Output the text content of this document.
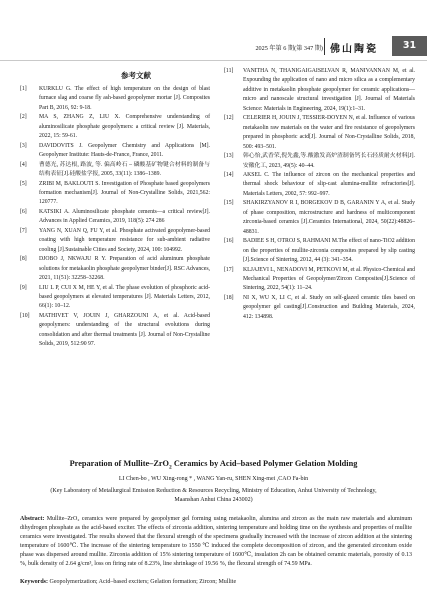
2025 年第 6 期(第 347 期) 佛山陶瓷	31
参考文献
[1] KURKLU G. The effect of high temperature on the design of blast furnace slag and coarse fly ash-based geopolymer mortar [J]. Composites Part B, 2016, 92: 9-18.
[2] MA S, ZHANG Z, LIU X. Comprehensive understanding of aluminosilicate phosphate geopolymers: a critical review [J]. Materials, 2022, 15: 59-61.
[3] DAVIDOVITS J. Geopolymer Chemistry and Applications [M]. Geopolymer Institute: Hauts-de-France, France, 2011.
[4] 曹德光, 苏达根, 路波, 等. 偏高岭石 – 磷酸基矿物键合材料的制备与结构表征[J].硅酸盐学报, 2005, 33(11): 1386–1389.
[5] ZRIBI M, BAKLOUTI S. Investigation of Phosphate based geopolymers formation mechanism[J]. Journal of Non-Crystalline Solids, 2021,562: 120777.
[6] KATSIKI A. Aluminosilicate phosphate cements—a critical review[J]. Advances in Applied Ceramics, 2019, 118(5): 274 286
[7] YANG N, XUAN Q, FU Y, et al. Phosphate activated geopolymer-based coating with high temperature resistance for sub-ambient radiative cooling [J].Sustainable Cities and Society, 2024, 100: 104992.
[8] DJOBO J, NKWAJU R Y. Preparation of acid aluminum phosphate solutions for metakaolin phosphate geopolymer binder[J]. RSC Advances, 2021, 11(51): 32258–32268.
[9] LIU L P, CUI X M, HE Y, et al. The phase evolution of phosphoric acid-based geopolymers at elevated temperatures [J]. Materials Letters, 2012, 66(1): 10–12.
[10] MATHIVET V, JOUIN J, GHARZOUNI A, et al. Acid-based geopolymers: understanding of the structural evolutions during consolidation and after thermal treatments [J]. Journal of Non-Crystalline Solids, 2019, 512:90 97.
[11] VANITHA N, THANIGAIGAISELVAN R, MANIVANNAN M, et al. Expounding the application of nano and micro silica as a complementary additive in metakaolin phosphate geopolymer for ceramic applications—micro and nanoscale structural investigation [J]. Journal of Materials Science: Materials in Engineering, 2024, 19(1):1–31.
[12] CELERIER H, JOUIN J, TESSIER-DOYEN N, et al. Influence of various metakaolin raw materials on the water and fire resistance of geopolymers prepared in phosphoric acid[J]. Journal of Non-Crystalline Solids, 2018, 500: 493–501.
[13] 韩心怡,武香荣,倪先鑫,等.酸激发高炉渣制备钙长石轻质耐火材料[J].安徽化工, 2023, 49(5): 40–44.
[14] AKSEL C. The influence of zircon on the mechanical properties and thermal shock behaviour of slip-cast alumina-mullite refractories[J]. Materials Letters, 2002, 57: 992–997.
[15] SHAKIRZYANOV R I, BORGEKOV D B, GARANIN Y A, et al. Study of phase composition, microstructure and hardness of multicomponent zirconia-based ceramics [J].Ceramics International, 2024, 50(22):48826–48831.
[16] BADIEE S H, OTROJ S, RAHMANI M.The effect of nano-TiO2 addition on the properties of mullite-zirconia composites prepared by slip casting [J].Science of Sintering, 2012, 44 (3): 341–354.
[17] KLJAJEVI L, NENADOVI M, PETKOVI M, et al. Physico-Chemical and Mechanical Properties of Geopolymer/Zircon Composites[J].Science of Sintering, 2022, 54(1): 11–24.
[18] NI X, WU X, LI C, et al. Study on self-glazed ceramic tiles based on geopolymer gel casting[J].Construction and Building Materials, 2024, 412: 134898.
Preparation of Mullite–ZrO$_2$ Ceramics by Acid–based Polymer Gelation Molding
LI Chen-bo , WU Xing-rong * , WANG Yan-ru, SHEN Xing-mei ,CAO Fa-bin
(Key Laboratory of Metallurgical Emission Reduction & Resources Recycling, Ministry of Education, Anhui University of Technology, Maanshan Anhui China 243002)
Abstract: Mullite–ZrO₂ ceramics were prepared by geopolymer gel forming using metakaolin, alumina and zircon as the main raw materials and aluminum dihydrogen phosphate as the acid-based exciter. The effects of zirconia addition, sintering temperature and holding time on the synthesis and properties of mullite ceramics were investigated. The results showed that the flexural strength of the specimens gradually increased with the increase of zircon addition at the sintering temperature of 1600℃. The increase of the sintering temperature to 1550 ℃ induced the complete decomposition of zircon, and the generated zirconium oxide phase was dispersed around mullite. Zirconia addition of 15% sintering temperature of 1600℃, insulation 2h can be obtained ceramic materials, porosity of 0.13 %, bulk density of 2.64 g/cm³, loss on firing rate of 8.23%, line shrinkage of 19.56 %, the flexural strength of 74.59 MPa.
Keywords: Geopolymerization; Acid–based exciters; Gelation formation; Zircon; Mullite
